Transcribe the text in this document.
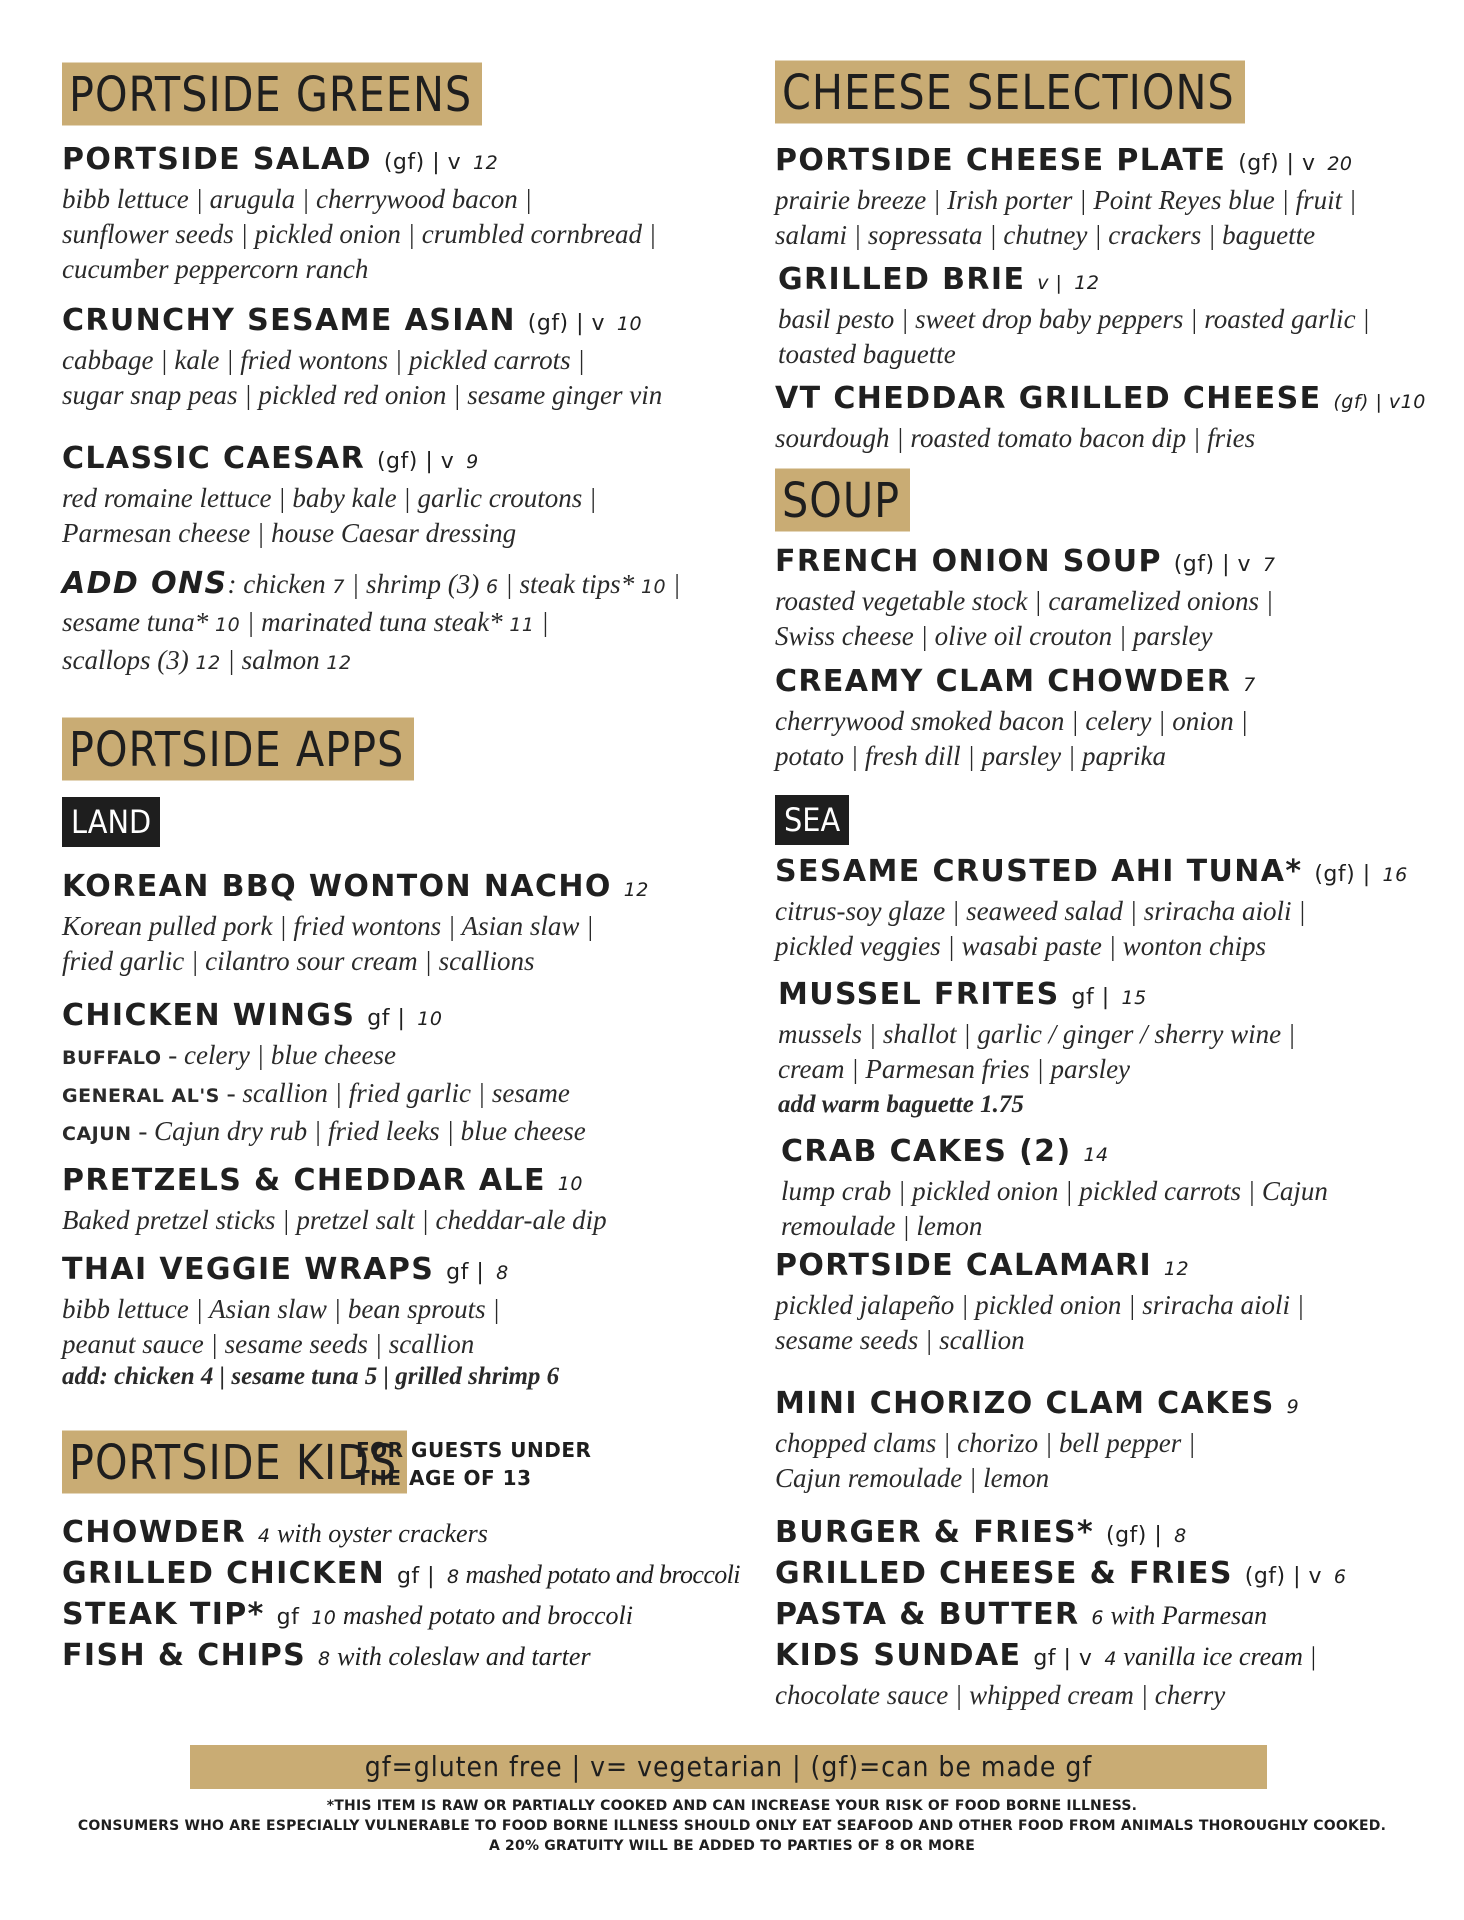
PORTSIDE GREENS
PORTSIDE SALAD (gf) | v 12
bibb lettuce | arugula | cherrywood bacon |
sunflower seeds | pickled onion | crumbled cornbread |
cucumber peppercorn ranch
CRUNCHY SESAME ASIAN (gf) | v 10
cabbage | kale | fried wontons | pickled carrots |
sugar snap peas | pickled red onion | sesame ginger vin
CLASSIC CAESAR (gf) | v 9
red romaine lettuce | baby kale | garlic croutons |
Parmesan cheese | house Caesar dressing
ADD ONS: chicken 7 | shrimp (3) 6 | steak tips* 10 |
sesame tuna* 10 | marinated tuna steak* 11 |
scallops (3) 12 | salmon 12
PORTSIDE APPS
LAND
KOREAN BBQ WONTON NACHO 12
Korean pulled pork | fried wontons | Asian slaw |
fried garlic | cilantro sour cream | scallions
CHICKEN WINGS gf | 10
BUFFALO - celery | blue cheese
GENERAL AL'S - scallion | fried garlic | sesame
CAJUN - Cajun dry rub | fried leeks | blue cheese
PRETZELS & CHEDDAR ALE 10
Baked pretzel sticks | pretzel salt | cheddar-ale dip
THAI VEGGIE WRAPS gf | 8
bibb lettuce | Asian slaw | bean sprouts |
peanut sauce | sesame seeds | scallion
add: chicken 4 | sesame tuna 5 | grilled shrimp 6
PORTSIDE KIDS
FOR GUESTS UNDER
THE AGE OF 13
CHOWDER 4 with oyster crackers
GRILLED CHICKEN gf | 8 mashed potato and broccoli
STEAK TIP* gf 10 mashed potato and broccoli
FISH & CHIPS 8 with coleslaw and tarter
CHEESE SELECTIONS
PORTSIDE CHEESE PLATE (gf) | v 20
prairie breeze | Irish porter | Point Reyes blue | fruit |
salami | sopressata | chutney | crackers | baguette
GRILLED BRIE v | 12
basil pesto | sweet drop baby peppers | roasted garlic |
toasted baguette
VT CHEDDAR GRILLED CHEESE (gf) | v10
sourdough | roasted tomato bacon dip | fries
SOUP
FRENCH ONION SOUP (gf) | v 7
roasted vegetable stock | caramelized onions |
Swiss cheese | olive oil crouton | parsley
CREAMY CLAM CHOWDER 7
cherrywood smoked bacon | celery | onion |
potato | fresh dill | parsley | paprika
SEA
SESAME CRUSTED AHI TUNA* (gf) | 16
citrus-soy glaze | seaweed salad | sriracha aioli |
pickled veggies | wasabi paste | wonton chips
MUSSEL FRITES gf | 15
mussels | shallot | garlic / ginger / sherry wine |
cream | Parmesan fries | parsley
add warm baguette 1.75
CRAB CAKES (2) 14
lump crab | pickled onion | pickled carrots | Cajun
remoulade | lemon
PORTSIDE CALAMARI 12
pickled jalapeño | pickled onion | sriracha aioli |
sesame seeds | scallion
MINI CHORIZO CLAM CAKES 9
chopped clams | chorizo | bell pepper |
Cajun remoulade | lemon
BURGER & FRIES* (gf) | 8
GRILLED CHEESE & FRIES (gf) | v 6
PASTA & BUTTER 6 with Parmesan
KIDS SUNDAE gf | v 4 vanilla ice cream |
chocolate sauce | whipped cream | cherry
gf=gluten free | v= vegetarian | (gf)=can be made gf
*THIS ITEM IS RAW OR PARTIALLY COOKED AND CAN INCREASE YOUR RISK OF FOOD BORNE ILLNESS.
CONSUMERS WHO ARE ESPECIALLY VULNERABLE TO FOOD BORNE ILLNESS SHOULD ONLY EAT SEAFOOD AND OTHER FOOD FROM ANIMALS THOROUGHLY COOKED.
A 20% GRATUITY WILL BE ADDED TO PARTIES OF 8 OR MORE
